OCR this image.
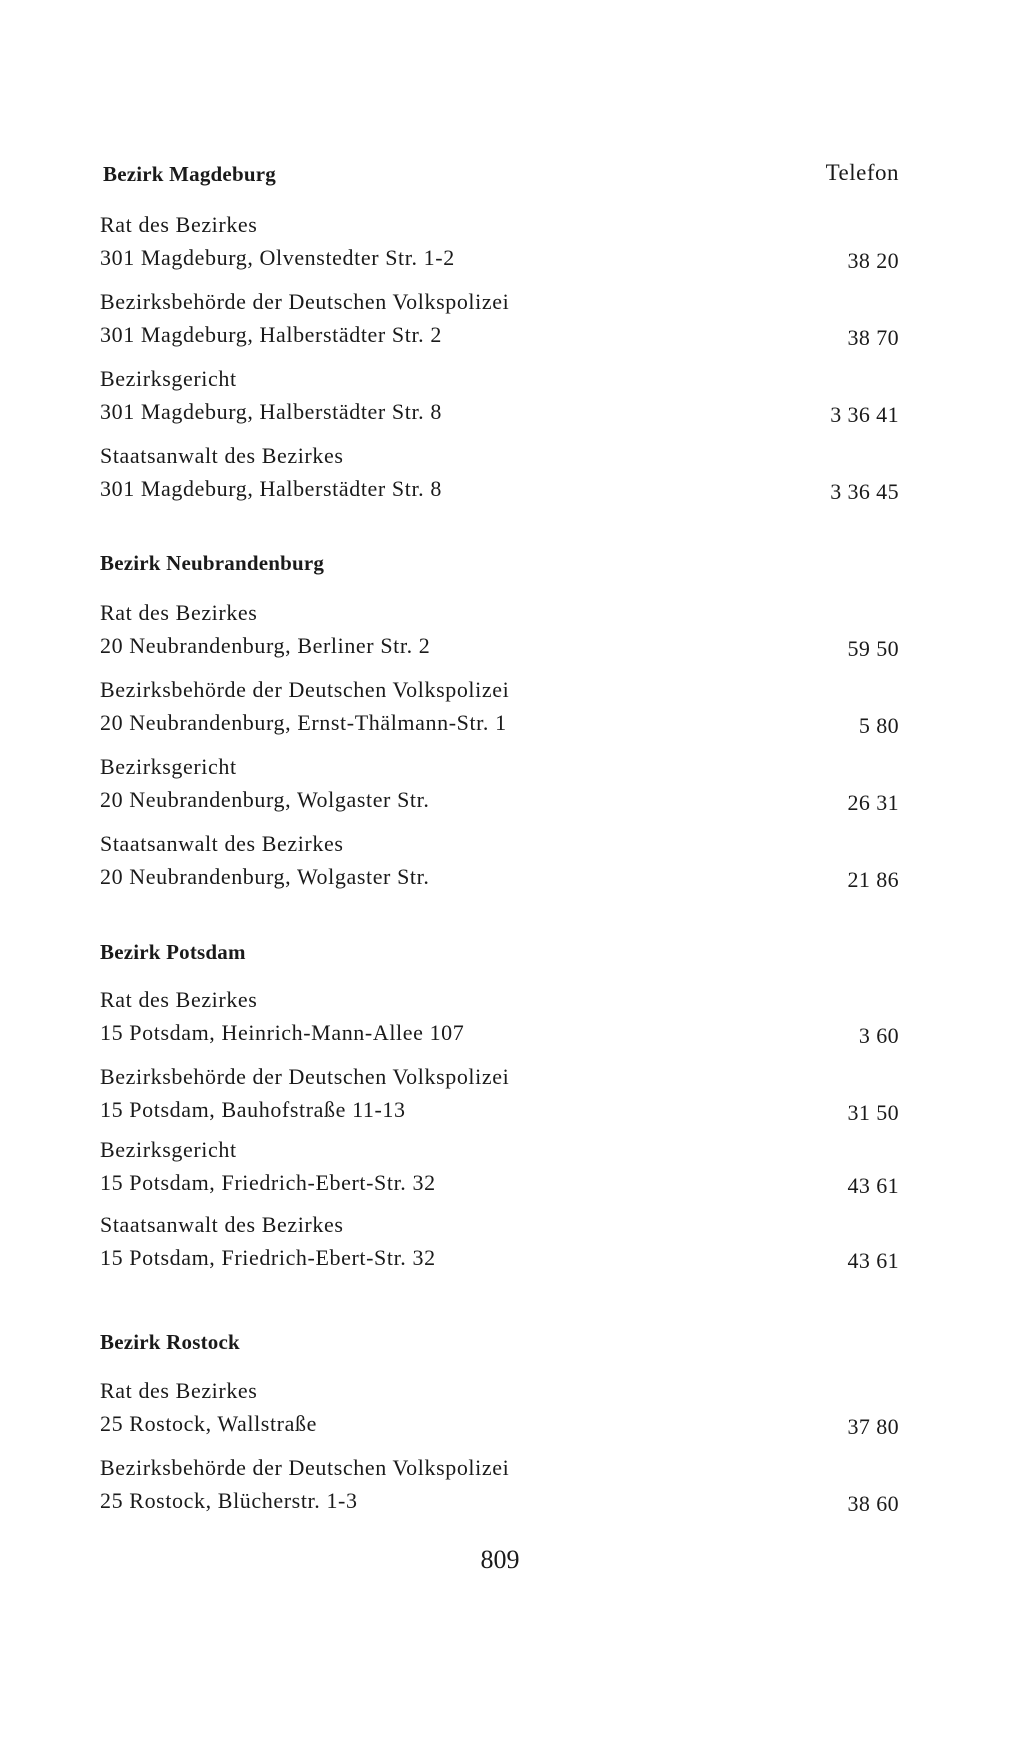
Bezirk Magdeburg	Telefon
Rat des Bezirkes
301 Magdeburg, Olvenstedter Str. 1-2	38 20
Bezirksbehörde der Deutschen Volkspolizei
301 Magdeburg, Halberstädter Str. 2	38 70
Bezirksgericht
301 Magdeburg, Halberstädter Str. 8	3 36 41
Staatsanwalt des Bezirkes
301 Magdeburg, Halberstädter Str. 8	3 36 45
Bezirk Neubrandenburg
Rat des Bezirkes
20 Neubrandenburg, Berliner Str. 2	59 50
Bezirksbehörde der Deutschen Volkspolizei
20 Neubrandenburg, Ernst-Thälmann-Str. 1	5 80
Bezirksgericht
20 Neubrandenburg, Wolgaster Str.	26 31
Staatsanwalt des Bezirkes
20 Neubrandenburg, Wolgaster Str.	21 86
Bezirk Potsdam
Rat des Bezirkes
15 Potsdam, Heinrich-Mann-Allee 107	3 60
Bezirksbehörde der Deutschen Volkspolizei
15 Potsdam, Bauhofstraße 11-13	31 50
Bezirksgericht
15 Potsdam, Friedrich-Ebert-Str. 32	43 61
Staatsanwalt des Bezirkes
15 Potsdam, Friedrich-Ebert-Str. 32	43 61
Bezirk Rostock
Rat des Bezirkes
25 Rostock, Wallstraße	37 80
Bezirksbehörde der Deutschen Volkspolizei
25 Rostock, Blücherstr. 1-3	38 60
809
